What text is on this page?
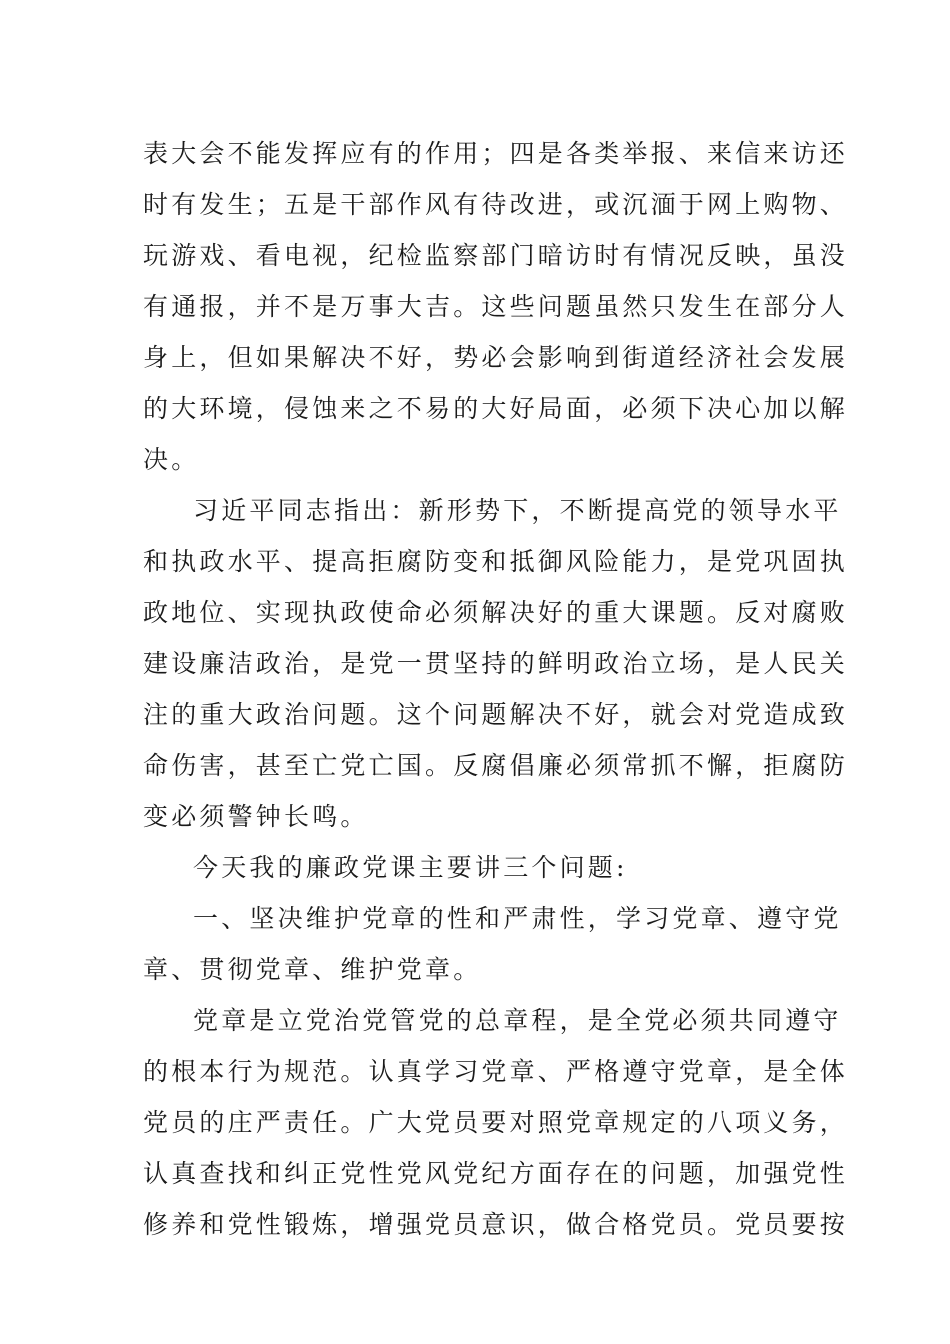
表大会不能发挥应有的作用；四是各类举报、来信来访还
时有发生；五是干部作风有待改进，或沉湎于网上购物、
玩游戏、看电视，纪检监察部门暗访时有情况反映，虽没
有通报，并不是万事大吉。这些问题虽然只发生在部分人
身上，但如果解决不好，势必会影响到街道经济社会发展
的大环境，侵蚀来之不易的大好局面，必须下决心加以解
决。

习近平同志指出：新形势下，不断提高党的领导水平
和执政水平、提高拒腐防变和抵御风险能力，是党巩固执
政地位、实现执政使命必须解决好的重大课题。反对腐败
建设廉洁政治，是党一贯坚持的鲜明政治立场，是人民关
注的重大政治问题。这个问题解决不好，就会对党造成致
命伤害，甚至亡党亡国。反腐倡廉必须常抓不懈，拒腐防
变必须警钟长鸣。

今天我的廉政党课主要讲三个问题:

一、坚决维护党章的性和严肃性，学习党章、遵守党
章、贯彻党章、维护党章。

党章是立党治党管党的总章程，是全党必须共同遵守
的根本行为规范。认真学习党章、严格遵守党章，是全体
党员的庄严责任。广大党员要对照党章规定的八项义务，
认真查找和纠正党性党风党纪方面存在的问题，加强党性
修养和党性锻炼，增强党员意识，做合格党员。党员要按
